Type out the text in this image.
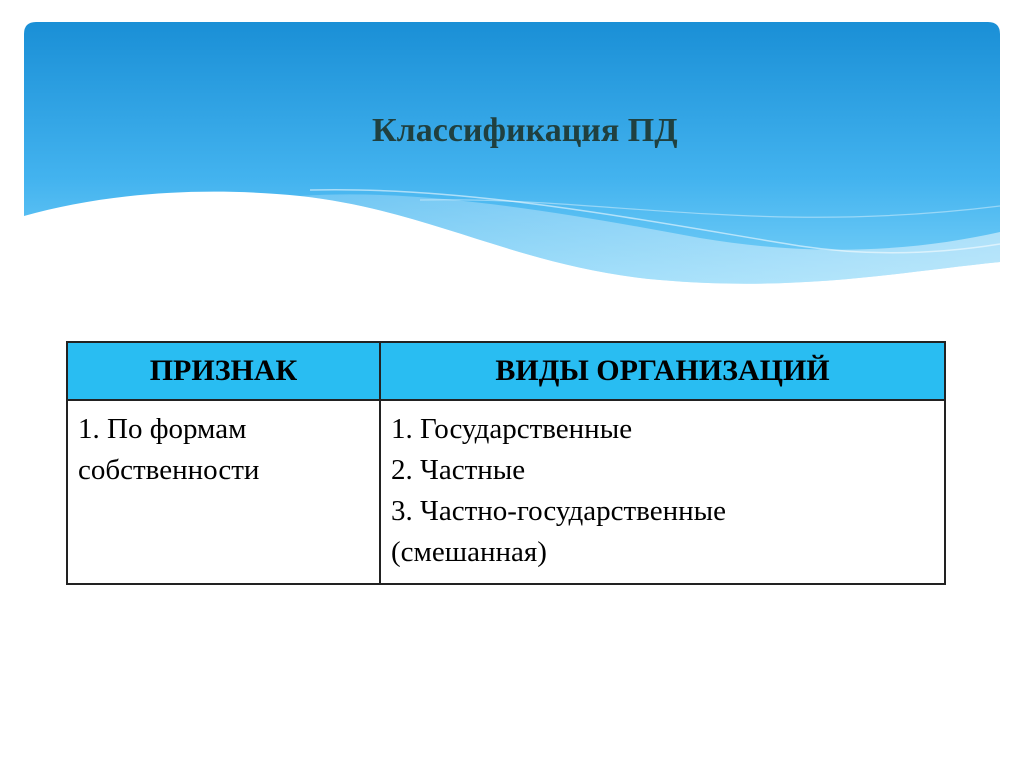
Классификация ПД
ПРИЗНАК	ВИДЫ ОРГАНИЗАЦИЙ

1. По формам
собственности	1. Государственные
2. Частные
3. Частно-государственные
(смешанная)
